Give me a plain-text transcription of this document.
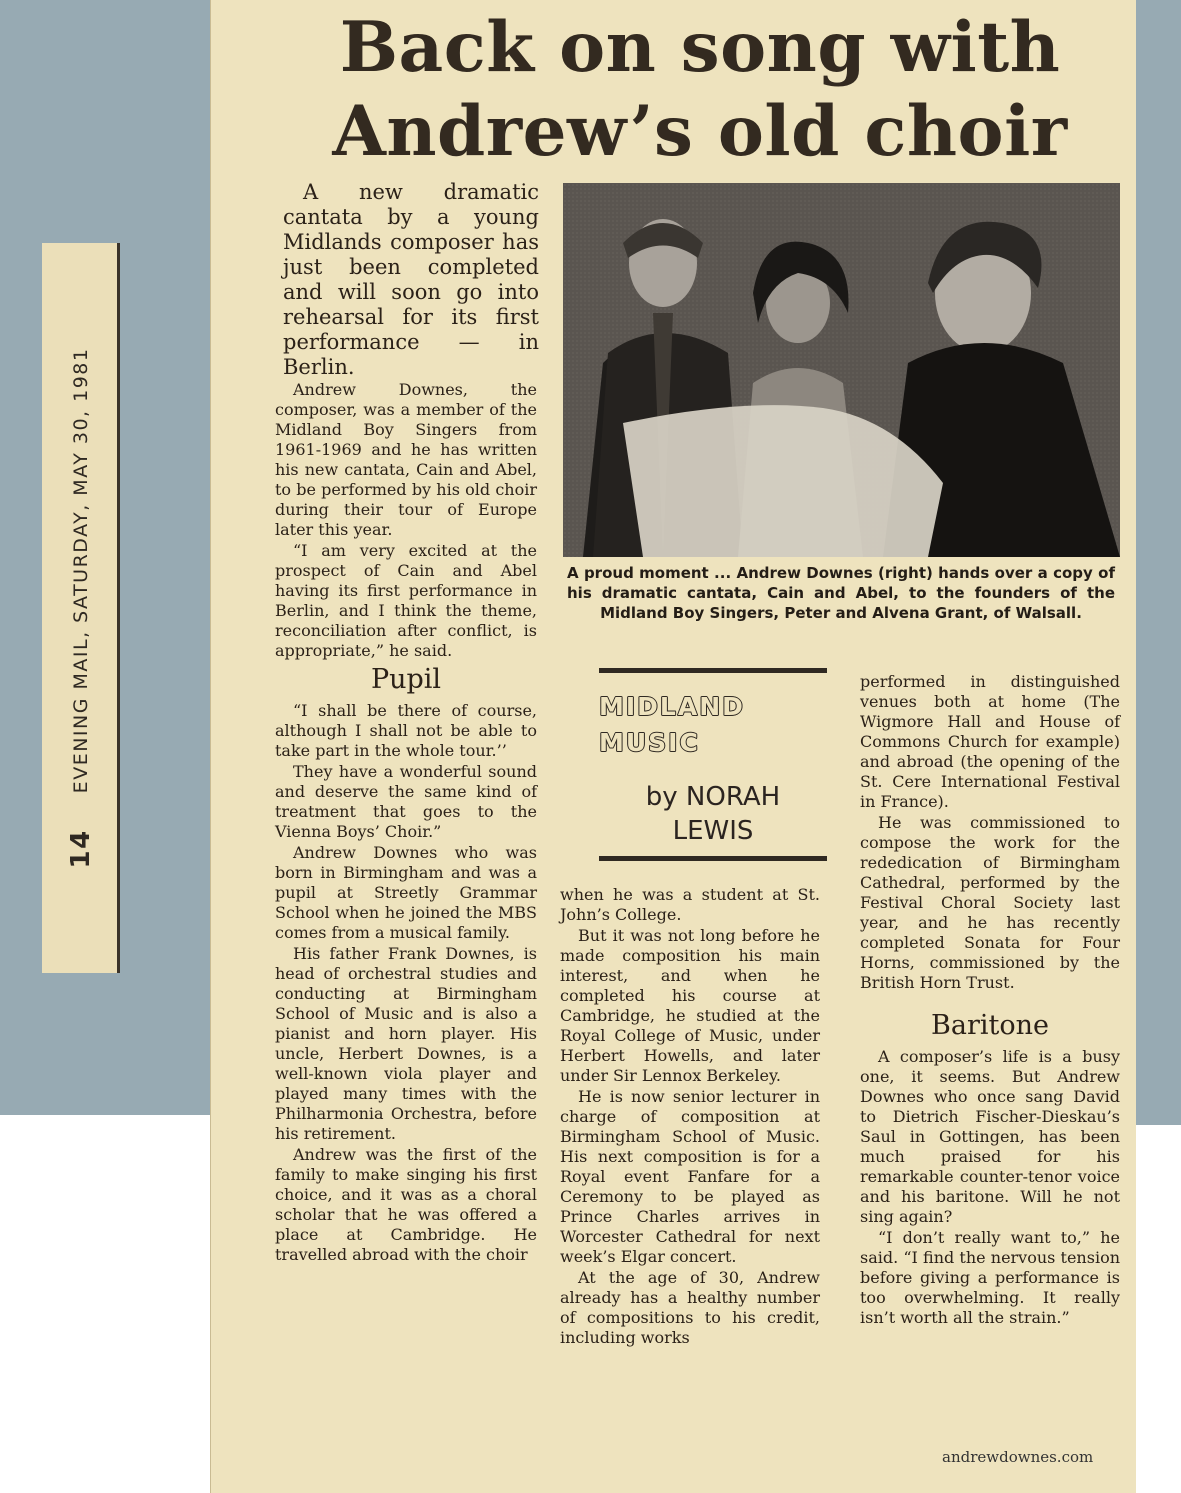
14
EVENING MAIL, SATURDAY, MAY 30, 1981
Back on song with
Andrew’s old choir

A new dramatic cantata by a young Midlands composer has just been completed and will soon go into rehearsal for its first performance — in Berlin.

Andrew Downes, the composer, was a member of the Midland Boy Singers from 1961-1969 and he has written his new cantata, Cain and Abel, to be performed by his old choir during their tour of Europe later this year.

“I am very excited at the prospect of Cain and Abel having its first performance in Berlin, and I think the theme, reconciliation after conflict, is appropriate,” he said.

Pupil

“I shall be there of course, although I shall not be able to take part in the whole tour.’’

They have a wonderful sound and deserve the same kind of treatment that goes to the Vienna Boys’ Choir.”

Andrew Downes who was born in Birmingham and was a pupil at Streetly Grammar School when he joined the MBS comes from a musical family.

His father Frank Downes, is head of orchestral studies and conducting at Birmingham School of Music and is also a pianist and horn player. His uncle, Herbert Downes, is a well-known viola player and played many times with the Philharmonia Orchestra, before his retirement.

Andrew was the first of the family to make singing his first choice, and it was as a choral scholar that he was offered a place at Cambridge. He travelled abroad with the choir

A proud moment ... Andrew Downes (right) hands over a copy of his dramatic cantata, Cain and Abel, to the founders of the Midland Boy Singers, Peter and Alvena Grant, of Walsall.

MIDLAND
MUSIC
by NORAH
LEWIS

when he was a student at St. John’s College.

But it was not long before he made composition his main interest, and when he completed his course at Cambridge, he studied at the Royal College of Music, under Herbert Howells, and later under Sir Lennox Berkeley.

He is now senior lecturer in charge of composition at Birmingham School of Music. His next composition is for a Royal event Fanfare for a Ceremony to be played as Prince Charles arrives in Worcester Cathedral for next week’s Elgar concert.

At the age of 30, Andrew already has a healthy number of compositions to his credit, including works

performed in distinguished venues both at home (The Wigmore Hall and House of Commons Church for example) and abroad (the opening of the St. Cere International Festival in France).

He was commissioned to compose the work for the rededication of Birmingham Cathedral, performed by the Festival Choral Society last year, and he has recently completed Sonata for Four Horns, commissioned by the British Horn Trust.

Baritone

A composer’s life is a busy one, it seems. But Andrew Downes who once sang David to Dietrich Fischer-Dieskau’s Saul in Gottingen, has been much praised for his remarkable counter-tenor voice and his baritone. Will he not sing again?

“I don’t really want to,” he said. “I find the nervous tension before giving a performance is too overwhelming. It really isn’t worth all the strain.”

andrewdownes.com
